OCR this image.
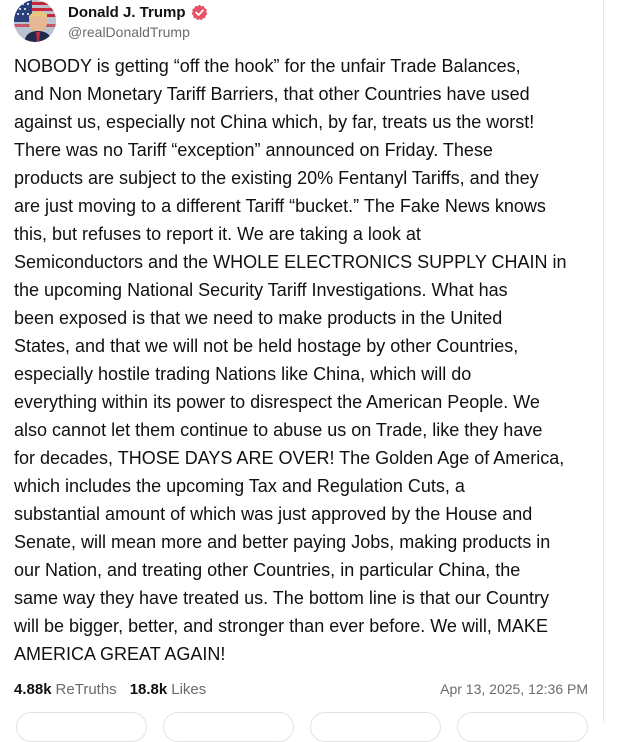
Donald J. Trump
@realDonaldTrump
NOBODY is getting “off the hook” for the unfair Trade Balances,
and Non Monetary Tariff Barriers, that other Countries have used
against us, especially not China which, by far, treats us the worst!
There was no Tariff “exception” announced on Friday. These
products are subject to the existing 20% Fentanyl Tariffs, and they
are just moving to a different Tariff “bucket.” The Fake News knows
this, but refuses to report it. We are taking a look at
Semiconductors and the WHOLE ELECTRONICS SUPPLY CHAIN in
the upcoming National Security Tariff Investigations. What has
been exposed is that we need to make products in the United
States, and that we will not be held hostage by other Countries,
especially hostile trading Nations like China, which will do
everything within its power to disrespect the American People. We
also cannot let them continue to abuse us on Trade, like they have
for decades, THOSE DAYS ARE OVER! The Golden Age of America,
which includes the upcoming Tax and Regulation Cuts, a
substantial amount of which was just approved by the House and
Senate, will mean more and better paying Jobs, making products in
our Nation, and treating other Countries, in particular China, the
same way they have treated us. The bottom line is that our Country
will be bigger, better, and stronger than ever before. We will, MAKE
AMERICA GREAT AGAIN!
4.88k ReTruths 18.8k Likes	Apr 13, 2025, 12:36 PM
